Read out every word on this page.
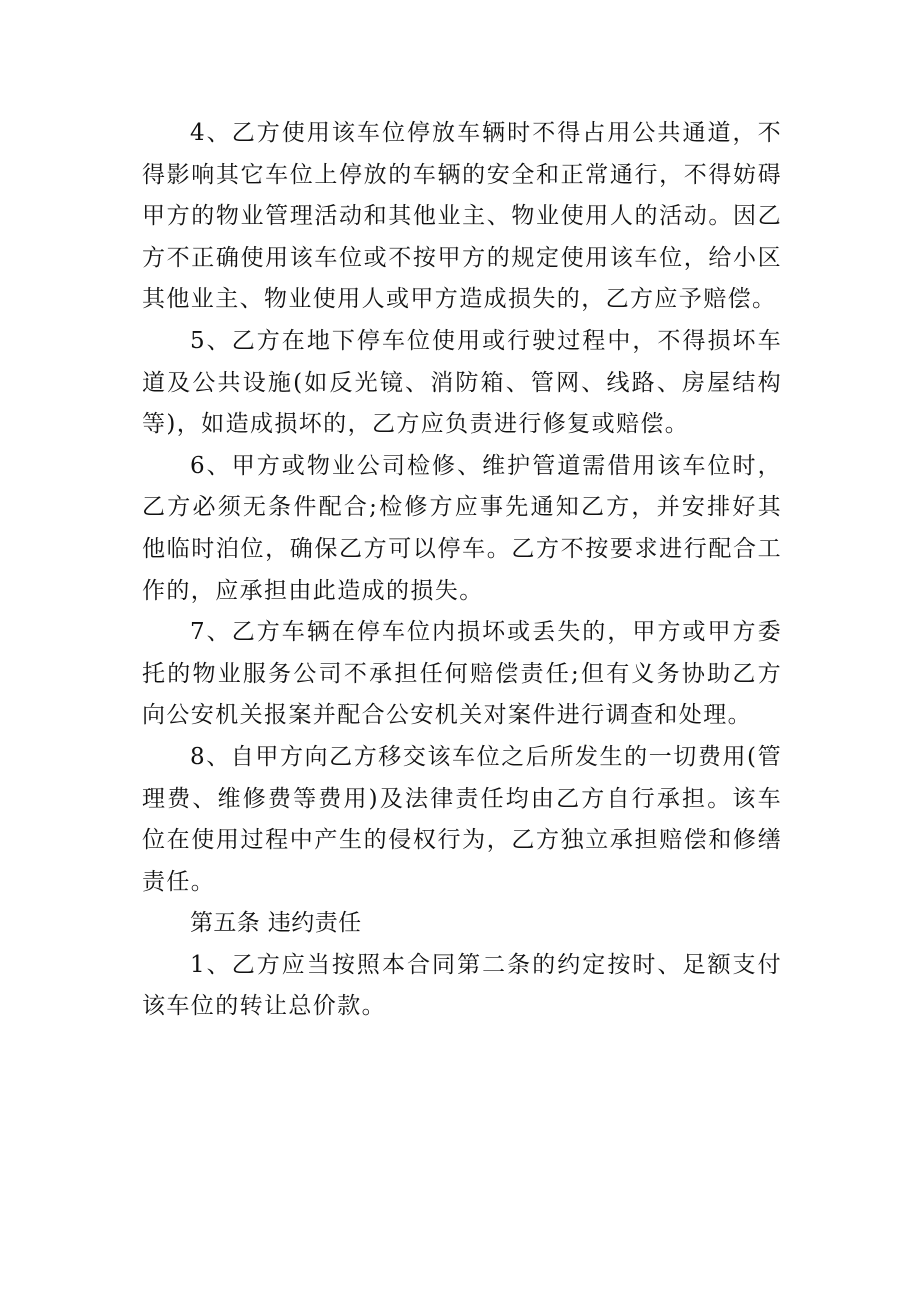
4、乙方使用该车位停放车辆时不得占用公共通道，不得影响其它车位上停放的车辆的安全和正常通行，不得妨碍甲方的物业管理活动和其他业主、物业使用人的活动。因乙方不正确使用该车位或不按甲方的规定使用该车位，给小区其他业主、物业使用人或甲方造成损失的，乙方应予赔偿。

5、乙方在地下停车位使用或行驶过程中，不得损坏车道及公共设施(如反光镜、消防箱、管网、线路、房屋结构等)，如造成损坏的，乙方应负责进行修复或赔偿。

6、甲方或物业公司检修、维护管道需借用该车位时，乙方必须无条件配合;检修方应事先通知乙方，并安排好其他临时泊位，确保乙方可以停车。乙方不按要求进行配合工作的，应承担由此造成的损失。

7、乙方车辆在停车位内损坏或丢失的，甲方或甲方委托的物业服务公司不承担任何赔偿责任;但有义务协助乙方向公安机关报案并配合公安机关对案件进行调查和处理。

8、自甲方向乙方移交该车位之后所发生的一切费用(管理费、维修费等费用)及法律责任均由乙方自行承担。该车位在使用过程中产生的侵权行为，乙方独立承担赔偿和修缮责任。

第五条 违约责任

1、乙方应当按照本合同第二条的约定按时、足额支付该车位的转让总价款。
